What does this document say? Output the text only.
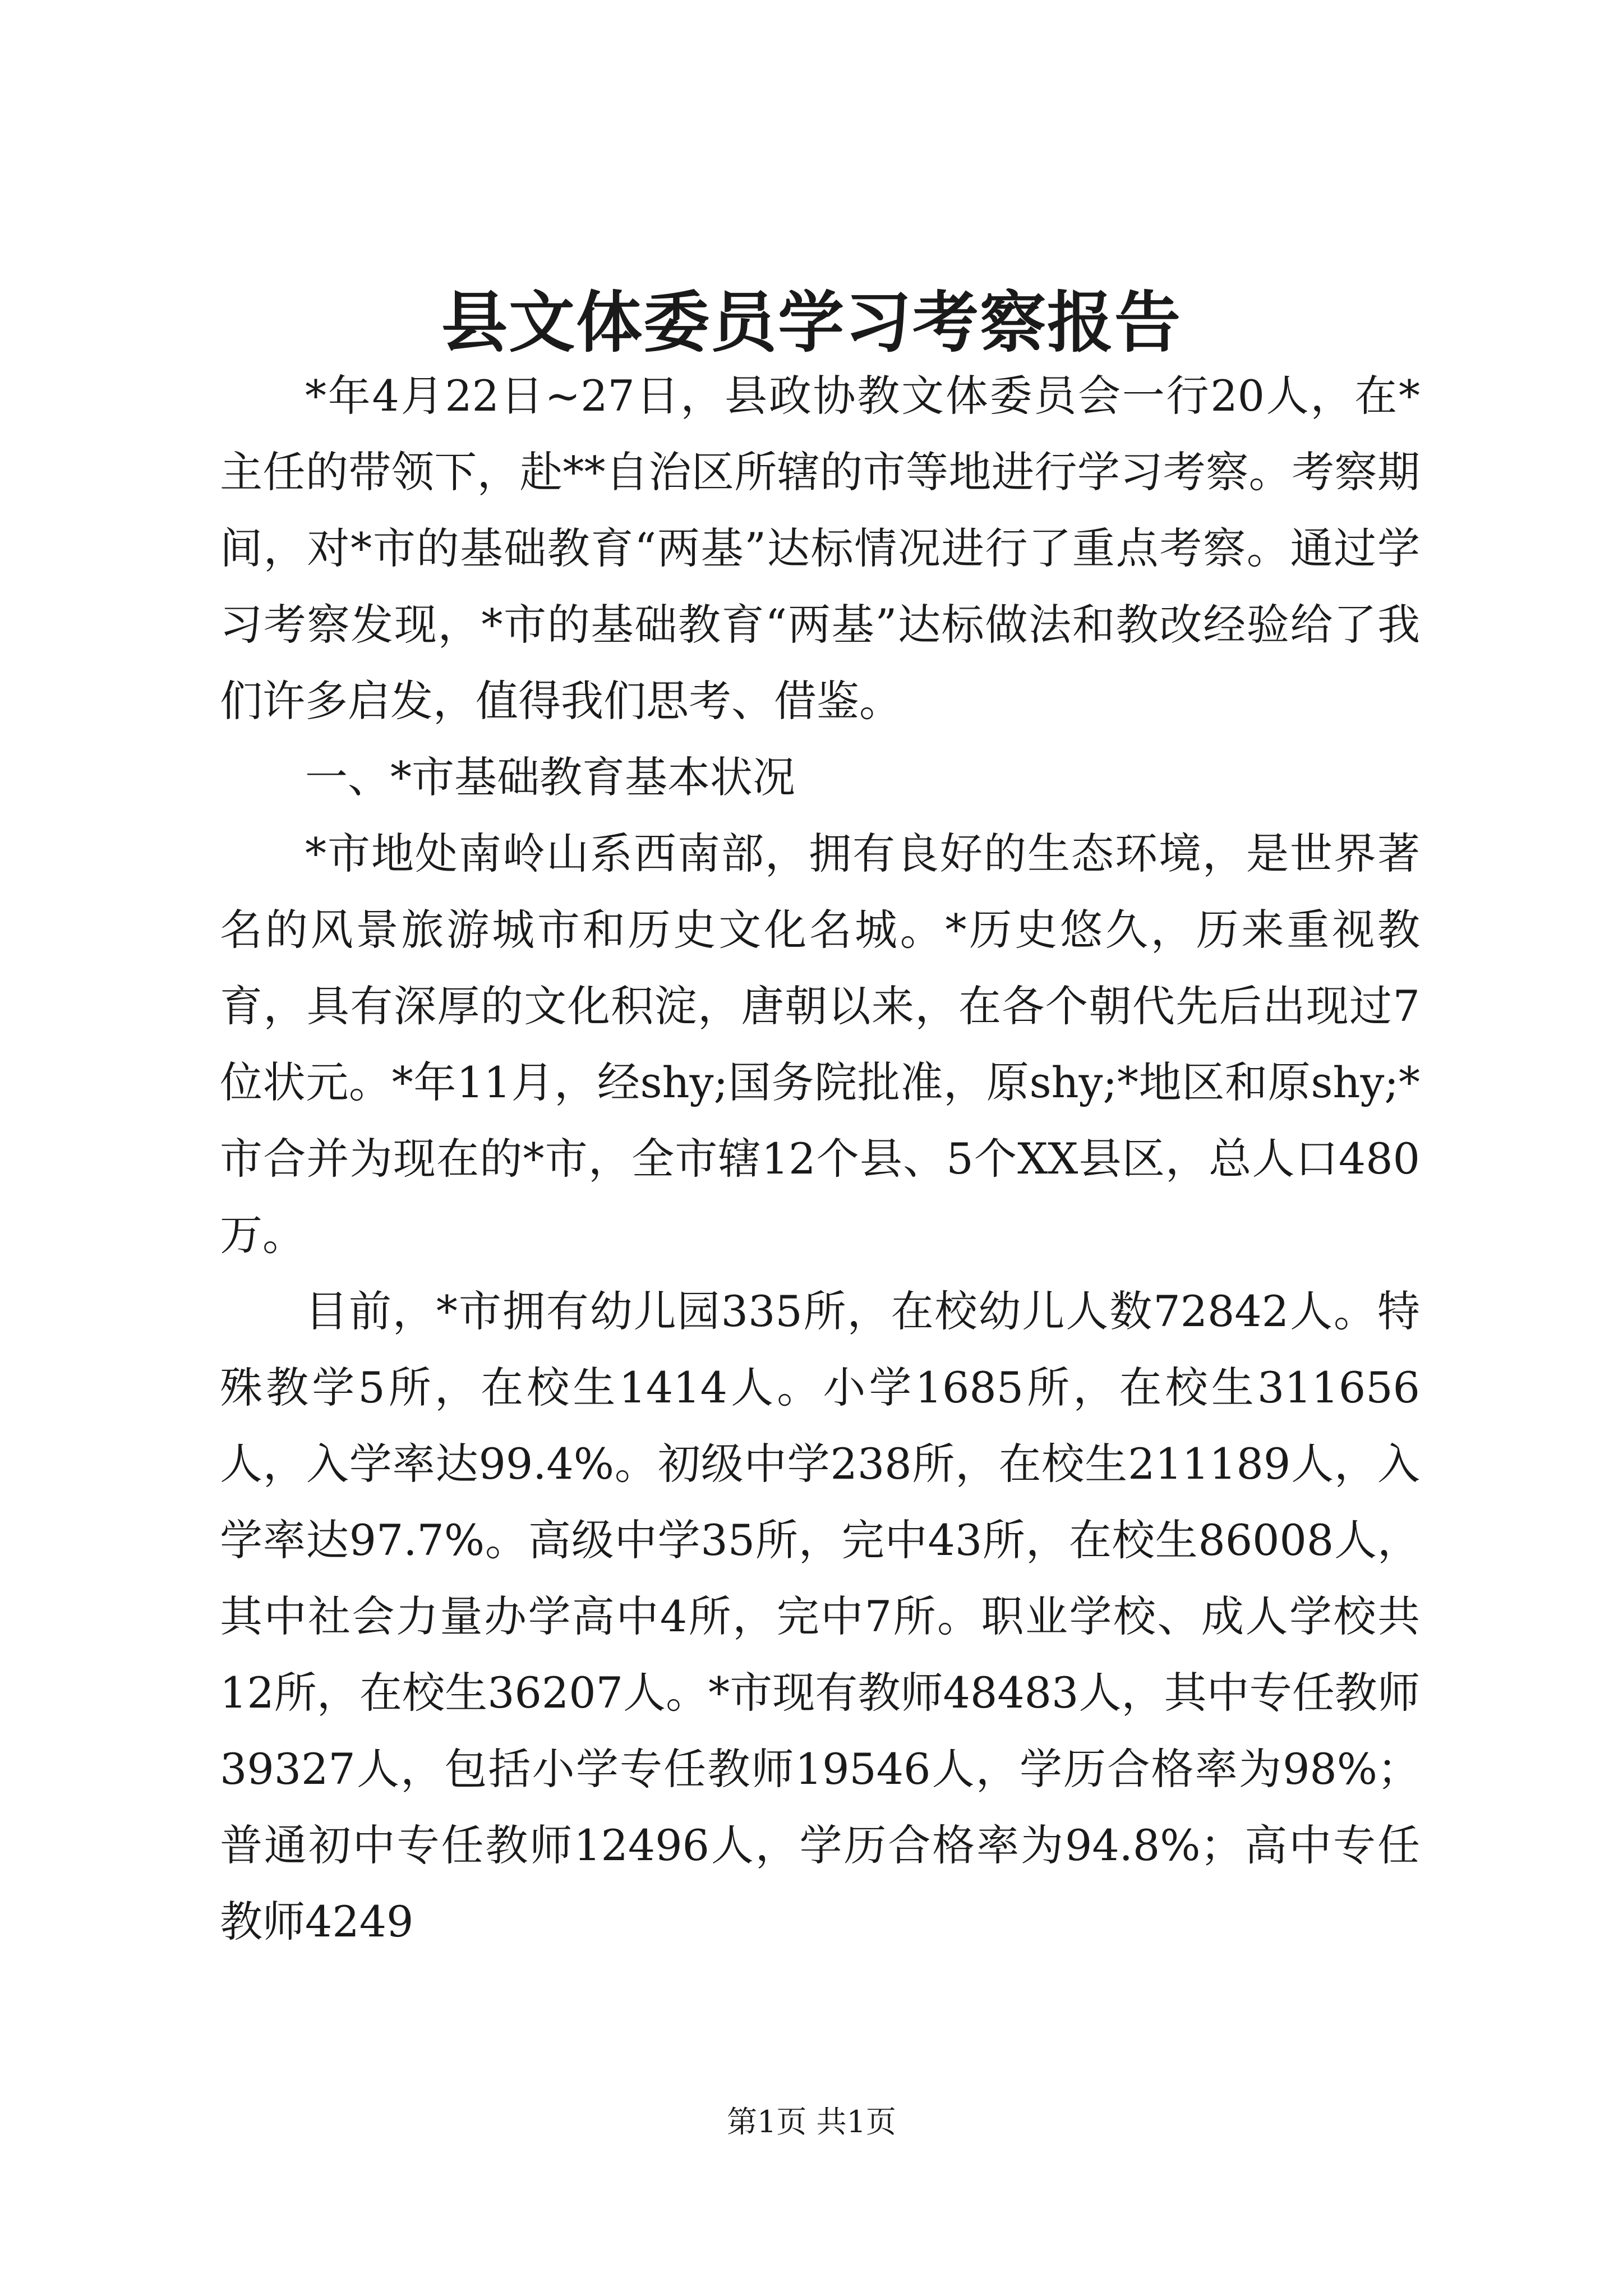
县文体委员学习考察报告

*年4月22日~27日，县政协教文体委员会一行20人，在*主任的带领下，赴**自治区所辖的市等地进行学习考察。考察期间，对*市的基础教育“两基”达标情况进行了重点考察。通过学习考察发现，*市的基础教育“两基”达标做法和教改经验给了我们许多启发，值得我们思考、借鉴。

一、*市基础教育基本状况

*市地处南岭山系西南部，拥有良好的生态环境，是世界著名的风景旅游城市和历史文化名城。*历史悠久，历来重视教育，具有深厚的文化积淀，唐朝以来，在各个朝代先后出现过7位状元。*年11月，经shy;国务院批准，原shy;*地区和原shy;*市合并为现在的*市，全市辖12个县、5个XX县区，总人口480万。

目前，*市拥有幼儿园335所，在校幼儿人数72842人。特殊教学5所，在校生1414人。小学1685所，在校生311656人，入学率达99.4%。初级中学238所，在校生211189人，入学率达97.7%。高级中学35所，完中43所，在校生86008人，其中社会力量办学高中4所，完中7所。职业学校、成人学校共12所，在校生36207人。*市现有教师48483人，其中专任教师39327人，包括小学专任教师19546人，学历合格率为98%；普通初中专任教师12496人，学历合格率为94.8%；高中专任教师4249

第1页 共1页
